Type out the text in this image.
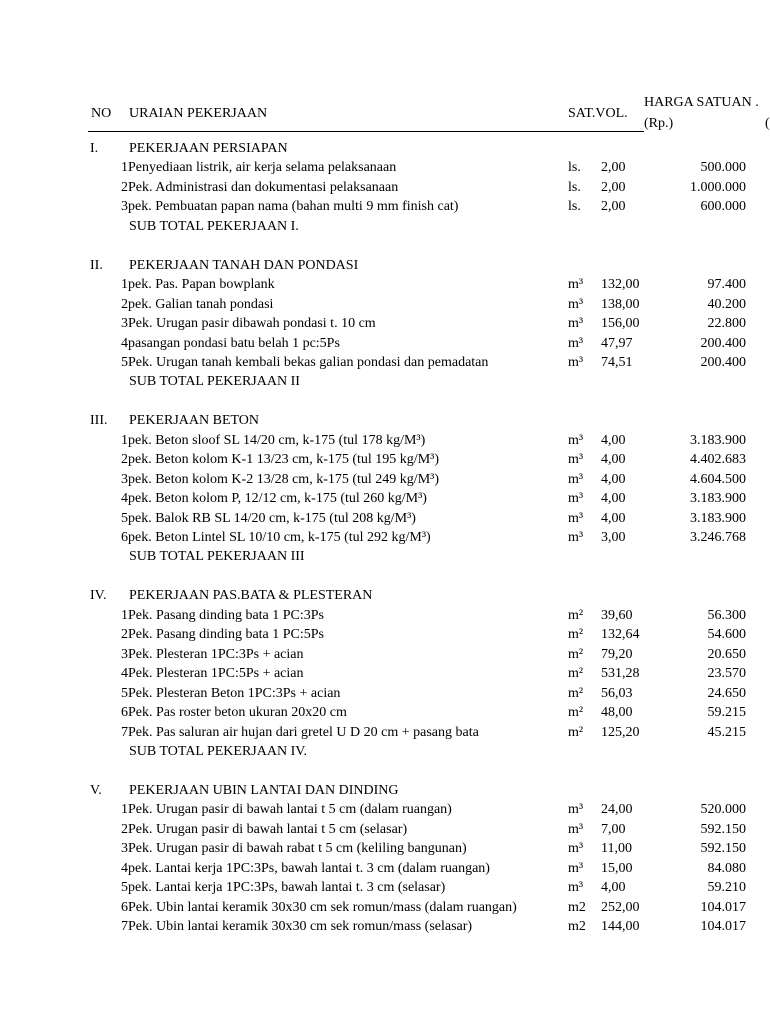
NO URAIAN PEKERJAAN	SAT.VOL.
HARGA SATUAN .
(Rp.)	(
I. PEKERJAAN PERSIAPAN
1 Penyediaan listrik, air kerja selama pelaksanaan	ls. 2,00	500.000
2 Pek. Administrasi dan dokumentasi pelaksanaan	ls. 2,00	1.000.000
3 pek. Pembuatan papan nama (bahan multi 9 mm finish cat)	ls. 2,00	600.000
SUB TOTAL PEKERJAAN I.
II. PEKERJAAN TANAH DAN PONDASI
1 pek. Pas. Papan bowplank	m³ 132,00	97.400
2 pek. Galian tanah pondasi	m³ 138,00	40.200
3 Pek. Urugan pasir dibawah pondasi t. 10 cm	m³ 156,00	22.800
4 pasangan pondasi batu belah 1 pc:5Ps	m³ 47,97	200.400
5 Pek. Urugan tanah kembali bekas galian pondasi dan pemadatan	m³ 74,51	200.400
SUB TOTAL PEKERJAAN II
III. PEKERJAAN BETON
1 pek. Beton sloof SL 14/20 cm, k-175 (tul 178 kg/M³)	m³ 4,00	3.183.900
2 pek. Beton kolom K-1 13/23 cm, k-175 (tul 195 kg/M³)	m³ 4,00	4.402.683
3 pek. Beton kolom K-2 13/28 cm, k-175 (tul 249 kg/M³)	m³ 4,00	4.604.500
4 pek. Beton kolom P, 12/12 cm, k-175 (tul 260 kg/M³)	m³ 4,00	3.183.900
5 pek. Balok RB SL 14/20 cm, k-175 (tul 208 kg/M³)	m³ 4,00	3.183.900
6 pek. Beton Lintel SL 10/10 cm, k-175 (tul 292 kg/M³)	m³ 3,00	3.246.768
SUB TOTAL PEKERJAAN III
IV. PEKERJAAN PAS.BATA & PLESTERAN
1 Pek. Pasang dinding bata 1 PC:3Ps	m² 39,60	56.300
2 Pek. Pasang dinding bata 1 PC:5Ps	m² 132,64	54.600
3 Pek. Plesteran 1PC:3Ps + acian	m² 79,20	20.650
4 Pek. Plesteran 1PC:5Ps + acian	m² 531,28	23.570
5 Pek. Plesteran Beton 1PC:3Ps + acian	m² 56,03	24.650
6 Pek. Pas roster beton ukuran 20x20 cm	m² 48,00	59.215
7 Pek. Pas saluran air hujan dari gretel U D 20 cm + pasang bata	m² 125,20	45.215
SUB TOTAL PEKERJAAN IV.
V. PEKERJAAN UBIN LANTAI DAN DINDING
1 Pek. Urugan pasir di bawah lantai t 5 cm (dalam ruangan)	m³ 24,00	520.000
2 Pek. Urugan pasir di bawah lantai t 5 cm (selasar)	m³ 7,00	592.150
3 Pek. Urugan pasir di bawah rabat t 5 cm (keliling bangunan)	m³ 11,00	592.150
4 pek. Lantai kerja 1PC:3Ps, bawah lantai t. 3 cm (dalam ruangan)	m³ 15,00	84.080
5 pek. Lantai kerja 1PC:3Ps, bawah lantai t. 3 cm (selasar)	m³ 4,00	59.210
6 Pek. Ubin lantai keramik 30x30 cm sek romun/mass (dalam ruangan)	m2 252,00	104.017
7 Pek. Ubin lantai keramik 30x30 cm sek romun/mass (selasar)	m2 144,00	104.017
